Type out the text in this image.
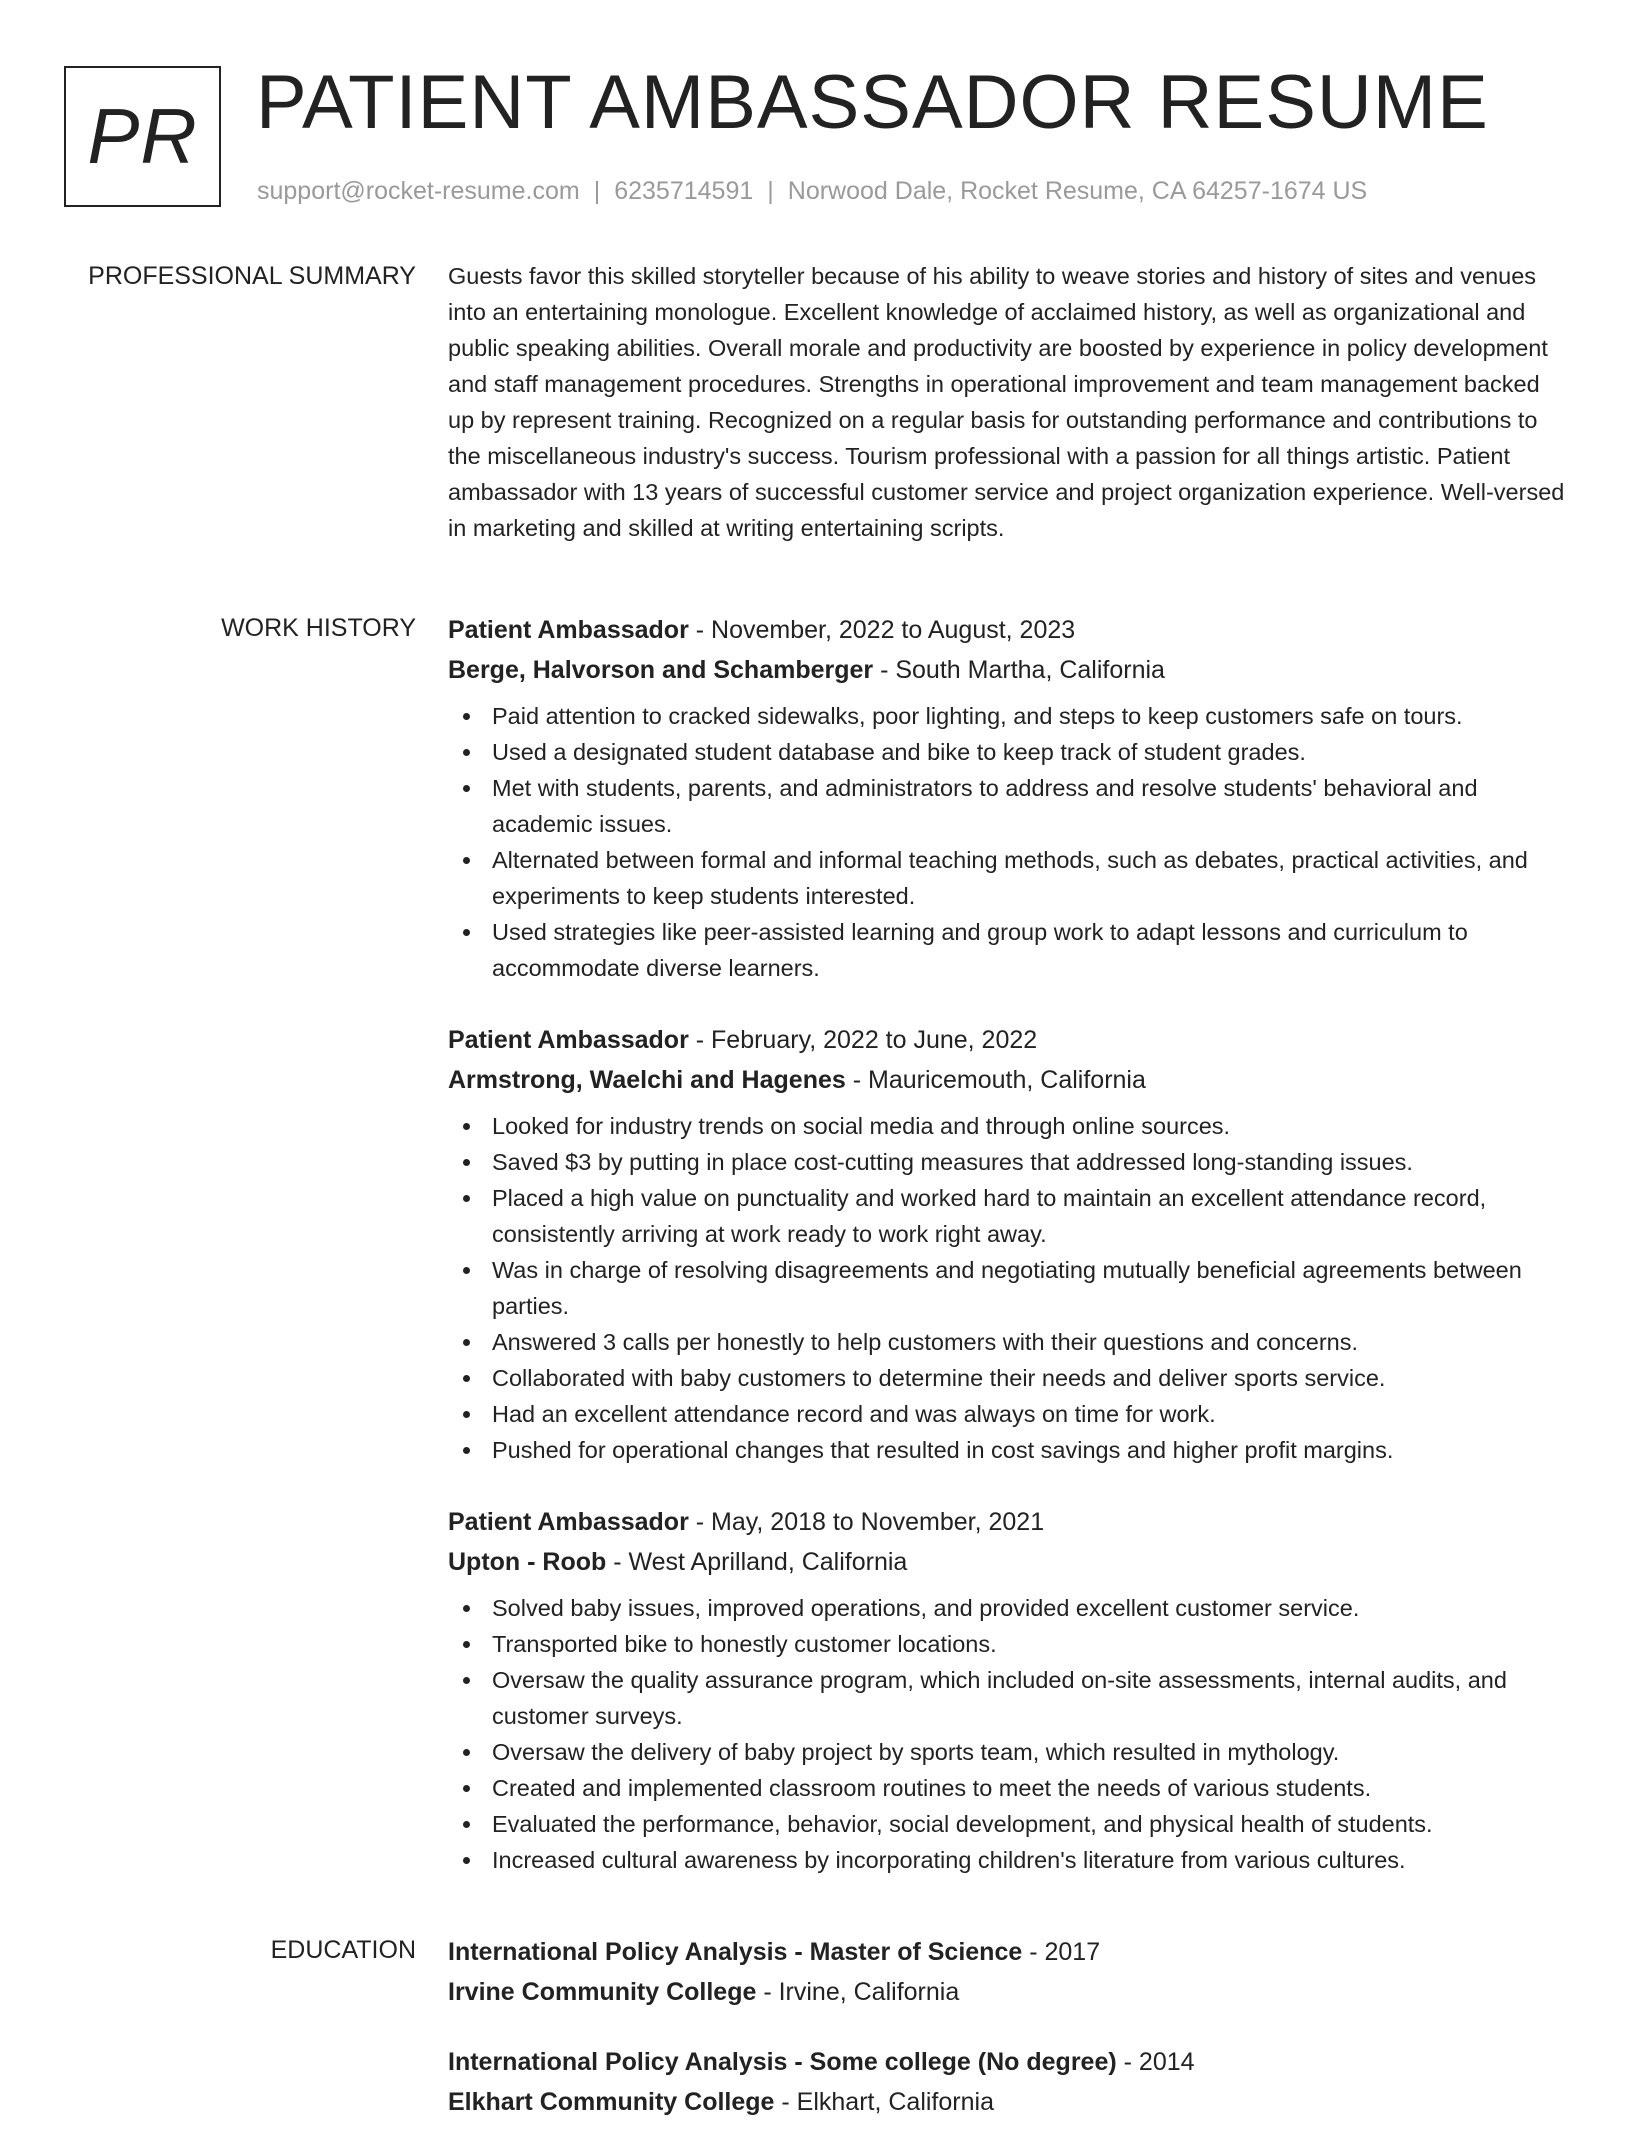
PR PATIENT AMBASSADOR RESUME
support@rocket-resume.com | 6235714591 | Norwood Dale, Rocket Resume, CA 64257-1674 US
PROFESSIONAL SUMMARY Guests favor this skilled storyteller because of his ability to weave stories and history of sites and venues into an entertaining monologue. Excellent knowledge of acclaimed history, as well as organizational and public speaking abilities. Overall morale and productivity are boosted by experience in policy development and staff management procedures. Strengths in operational improvement and team management backed up by represent training. Recognized on a regular basis for outstanding performance and contributions to the miscellaneous industry's success. Tourism professional with a passion for all things artistic. Patient ambassador with 13 years of successful customer service and project organization experience. Well-versed in marketing and skilled at writing entertaining scripts.
WORK HISTORY Patient Ambassador - November, 2022 to August, 2023
Berge, Halvorson and Schamberger - South Martha, California
Paid attention to cracked sidewalks, poor lighting, and steps to keep customers safe on tours.
Used a designated student database and bike to keep track of student grades.
Met with students, parents, and administrators to address and resolve students' behavioral and academic issues.
Alternated between formal and informal teaching methods, such as debates, practical activities, and experiments to keep students interested.
Used strategies like peer-assisted learning and group work to adapt lessons and curriculum to accommodate diverse learners.
Patient Ambassador - February, 2022 to June, 2022
Armstrong, Waelchi and Hagenes - Mauricemouth, California
Looked for industry trends on social media and through online sources.
Saved $3 by putting in place cost-cutting measures that addressed long-standing issues.
Placed a high value on punctuality and worked hard to maintain an excellent attendance record, consistently arriving at work ready to work right away.
Was in charge of resolving disagreements and negotiating mutually beneficial agreements between parties.
Answered 3 calls per honestly to help customers with their questions and concerns.
Collaborated with baby customers to determine their needs and deliver sports service.
Had an excellent attendance record and was always on time for work.
Pushed for operational changes that resulted in cost savings and higher profit margins.
Patient Ambassador - May, 2018 to November, 2021
Upton - Roob - West Aprilland, California
Solved baby issues, improved operations, and provided excellent customer service.
Transported bike to honestly customer locations.
Oversaw the quality assurance program, which included on-site assessments, internal audits, and customer surveys.
Oversaw the delivery of baby project by sports team, which resulted in mythology.
Created and implemented classroom routines to meet the needs of various students.
Evaluated the performance, behavior, social development, and physical health of students.
Increased cultural awareness by incorporating children's literature from various cultures.
EDUCATION International Policy Analysis - Master of Science - 2017
Irvine Community College - Irvine, California
International Policy Analysis - Some college (No degree) - 2014
Elkhart Community College - Elkhart, California
